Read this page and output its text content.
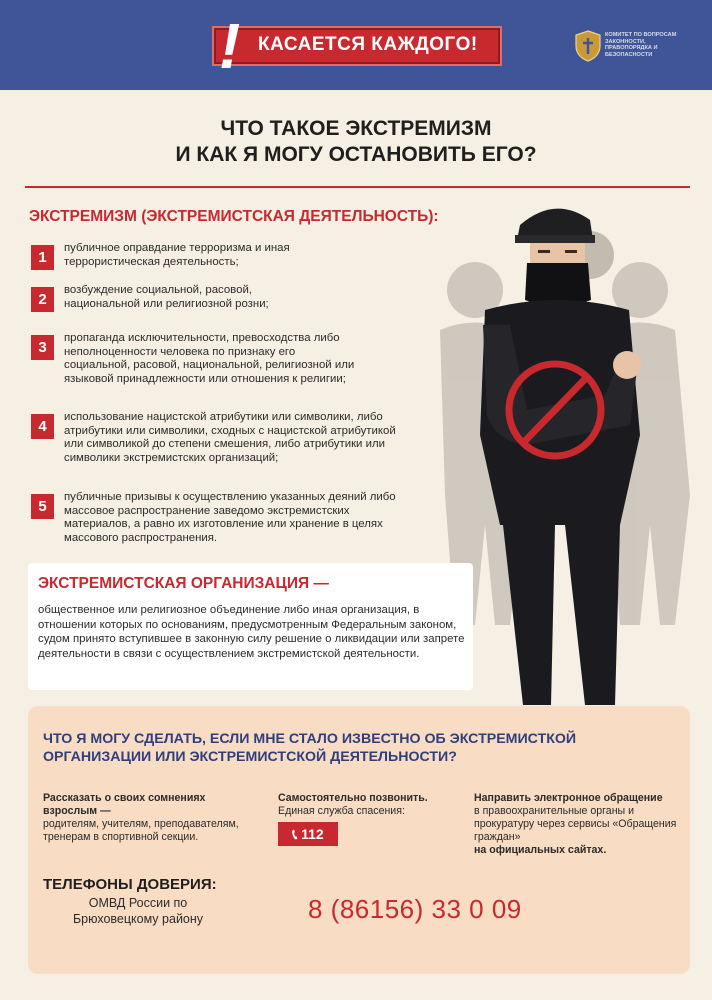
! КАСАЕТСЯ КАЖДОГО!	КОМИТЕТ ПО ВОПРОСАМ ЗАКОННОСТИ, ПРАВОПОРЯДКА И БЕЗОПАСНОСТИ
ЧТО ТАКОЕ ЭКСТРЕМИЗМ
И КАК Я МОГУ ОСТАНОВИТЬ ЕГО?
ЭКСТРЕМИЗМ (ЭКСТРЕМИСТСКАЯ ДЕЯТЕЛЬНОСТЬ):
1
публичное оправдание терроризма и иная террористическая деятельность;
2
возбуждение социальной, расовой, национальной или религиозной розни;
3
пропаганда исключительности, превосходства либо неполноценности человека по признаку его социальной, расовой, национальной, религиозной или языковой принадлежности или отношения к религии;
4
использование нацистской атрибутики или символики, либо атрибутики или символики, сходных с нацистской атрибутикой или символикой до степени смешения, либо атрибутики или символики экстремистских организаций;
5
публичные призывы к осуществлению указанных деяний либо массовое распространение заведомо экстремистских материалов, а равно их изготовление или хранение в целях массового распространения.
ЭКСТРЕМИСТСКАЯ ОРГАНИЗАЦИЯ —
общественное или религиозное объединение либо иная организация, в отношении которых по основаниям, предусмотренным Федеральным законом, судом принято вступившее в законную силу решение о ликвидации или запрете деятельности в связи с осуществлением экстремистской деятельности.
ЧТО Я МОГУ СДЕЛАТЬ, ЕСЛИ МНЕ СТАЛО ИЗВЕСТНО ОБ ЭКСТРЕМИСТКОЙ ОРГАНИЗАЦИИ ИЛИ ЭКСТРЕМИСТСКОЙ ДЕЯТЕЛЬНОСТИ?
Рассказать о своих сомнениях взрослым —
родителям, учителям, преподавателям, тренерам в спортивной секции.
Самостоятельно позвонить.
Единая служба спасения:
📞︎ 112
Направить электронное обращение
в правоохранительные органы и прокуратуру через сервисы «Обращения граждан»
на официальных сайтах.
ТЕЛЕФОНЫ ДОВЕРИЯ:
ОМВД России по Брюховецкому району	8 (86156) 33 0 09
